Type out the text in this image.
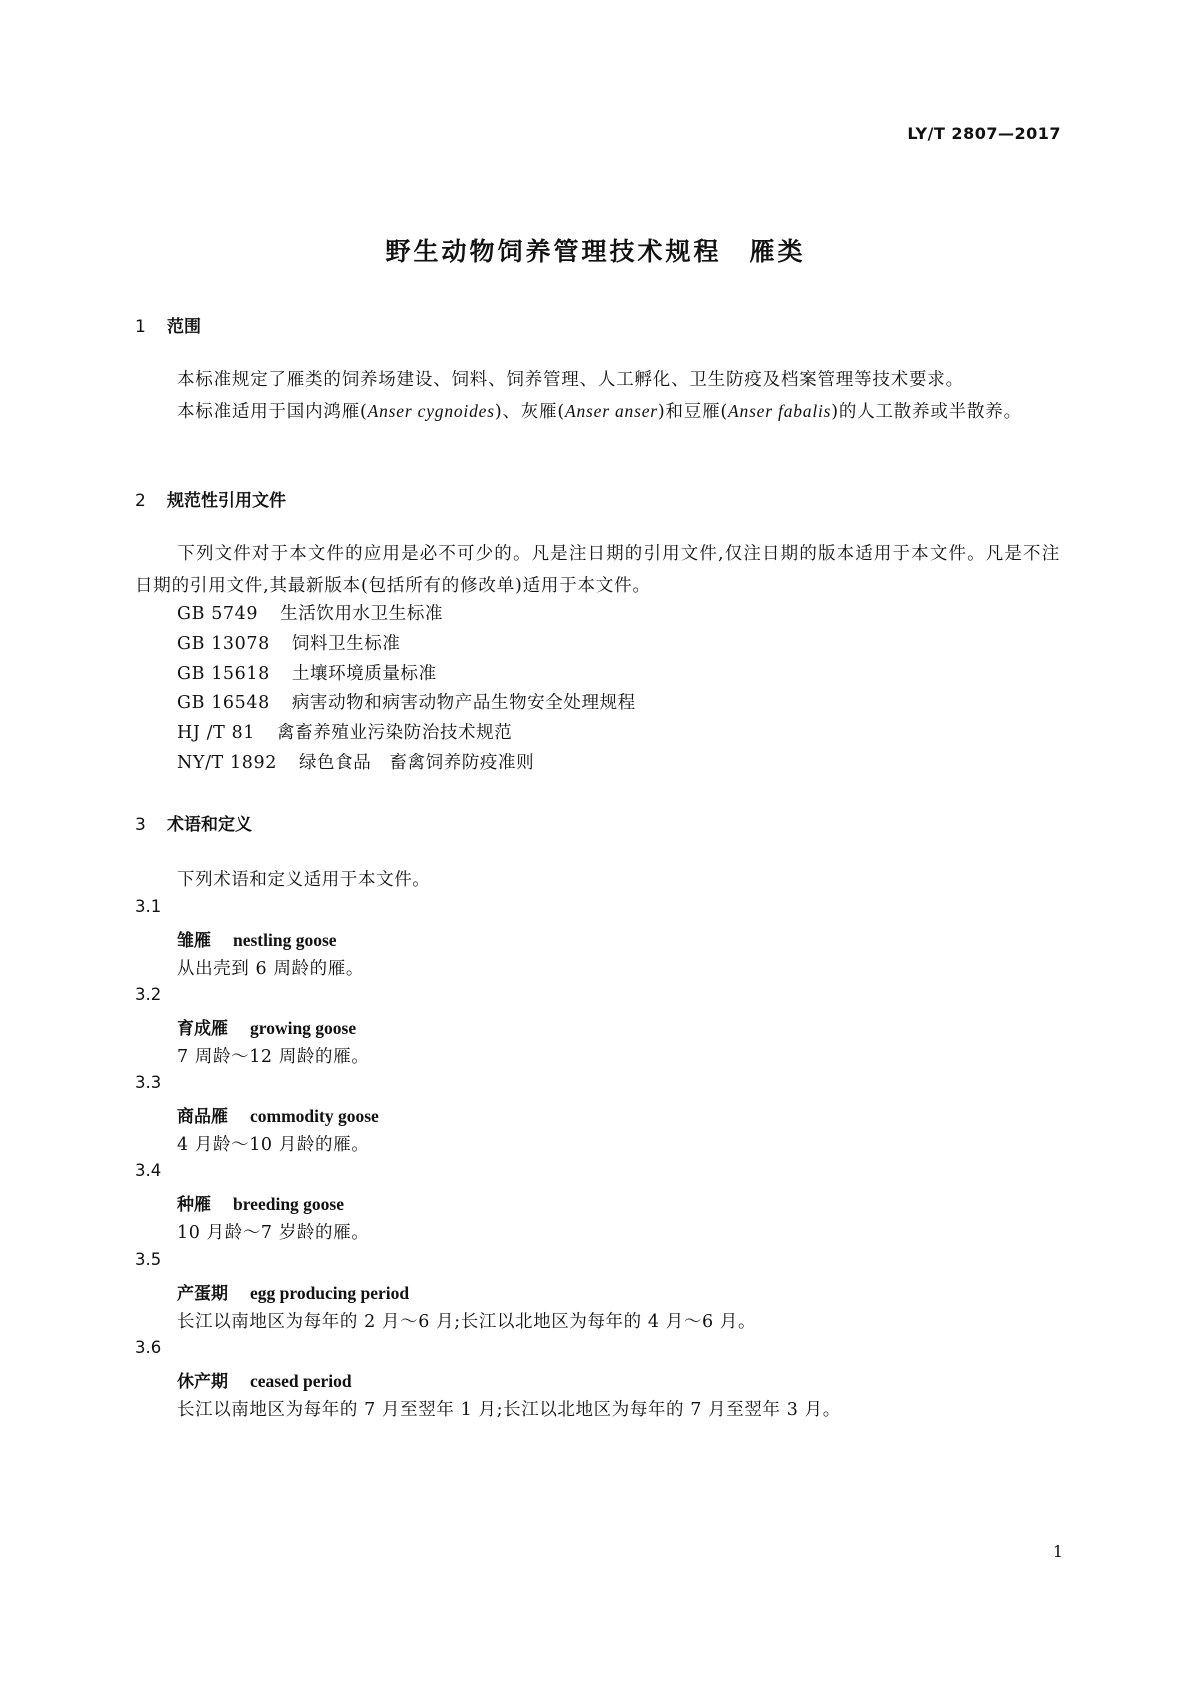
LY/T 2807—2017
野生动物饲养管理技术规程 雁类
1 范围
本标准规定了雁类的饲养场建设、饲料、饲养管理、人工孵化、卫生防疫及档案管理等技术要求。
本标准适用于国内鸿雁(Anser cygnoides)、灰雁(Anser anser)和豆雁(Anser fabalis)的人工散养或半散养。
2 规范性引用文件
下列文件对于本文件的应用是必不可少的。凡是注日期的引用文件,仅注日期的版本适用于本文件。凡是不注日期的引用文件,其最新版本(包括所有的修改单)适用于本文件。
GB 5749 生活饮用水卫生标准
GB 13078 饲料卫生标准
GB 15618 土壤环境质量标准
GB 16548 病害动物和病害动物产品生物安全处理规程
HJ /T 81 禽畜养殖业污染防治技术规范
NY/T 1892 绿色食品　畜禽饲养防疫准则
3 术语和定义
下列术语和定义适用于本文件。
3.1
雏雁 nestling goose
从出壳到 6 周龄的雁。
3.2
育成雁 growing goose
7 周龄～12 周龄的雁。
3.3
商品雁 commodity goose
4 月龄～10 月龄的雁。
3.4
种雁 breeding goose
10 月龄～7 岁龄的雁。
3.5
产蛋期 egg producing period
长江以南地区为每年的 2 月～6 月;长江以北地区为每年的 4 月～6 月。
3.6
休产期 ceased period
长江以南地区为每年的 7 月至翌年 1 月;长江以北地区为每年的 7 月至翌年 3 月。
1
